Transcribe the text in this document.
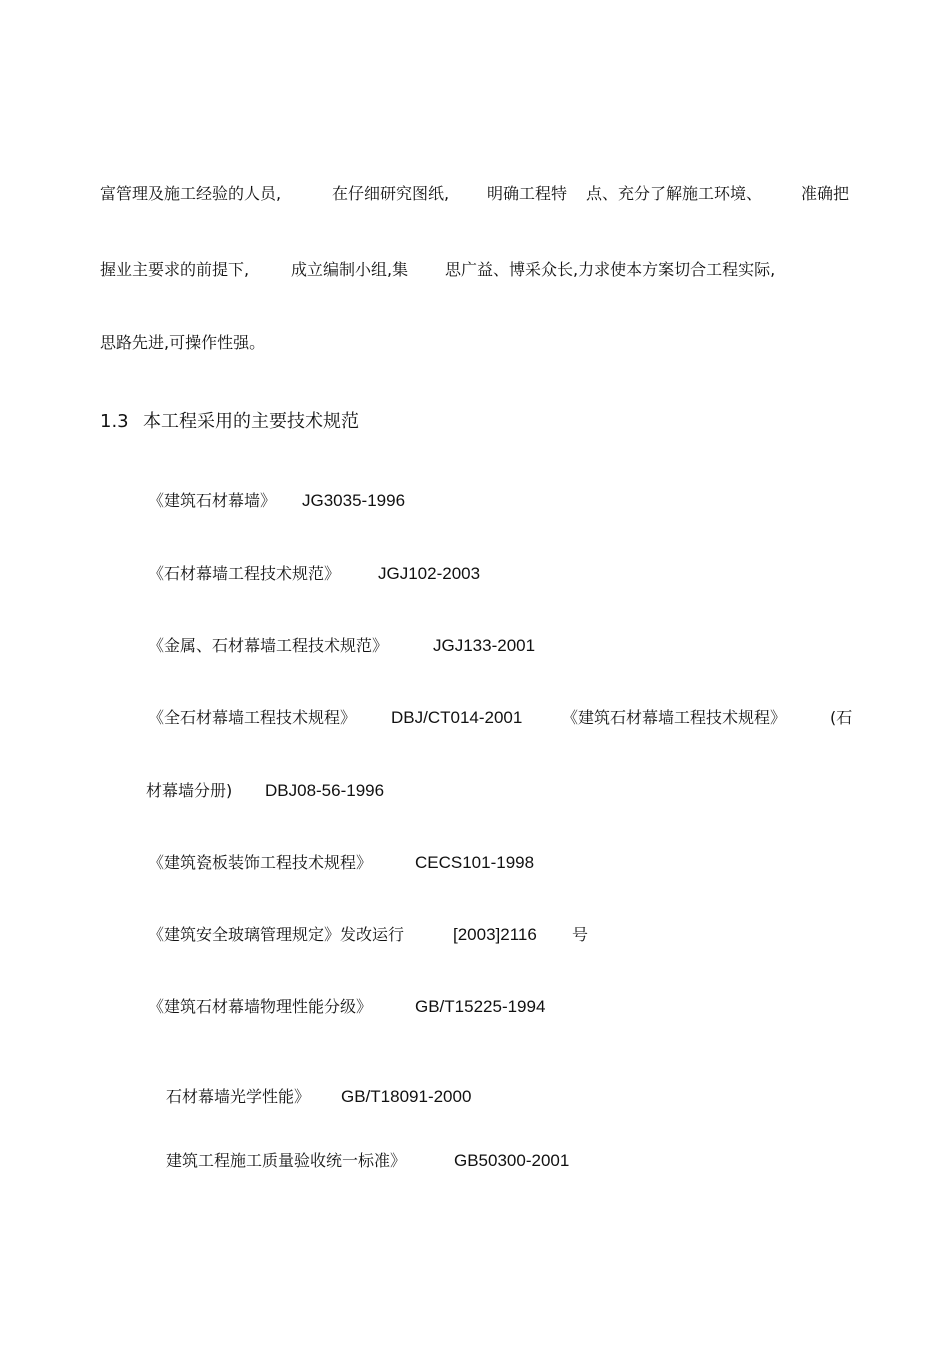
富管理及施工经验的人员,	在仔细研究图纸, 明确工程特 点、充分了解施工环境、 准确把
握业主要求的前提下,	成立编制小组,集 思广益、博采众长,力求使本方案切合工程实际,
思路先进,可操作性强。
1.3 本工程采用的主要技术规范
《建筑石材幕墙》 JG3035-1996
《石材幕墙工程技术规范》 JGJ102-2003
《金属、石材幕墙工程技术规范》	JGJ133-2001
《全石材幕墙工程技术规程》 DBJ/CT014-2001 《建筑石材幕墙工程技术规程》	(石
材幕墙分册) DBJ08-56-1996
《建筑瓷板装饰工程技术规程》	CECS101-1998
《建筑安全玻璃管理规定》发改运行	[2003]2116 号
《建筑石材幕墙物理性能分级》	GB/T15225-1994
石材幕墙光学性能》 GB/T18091-2000
建筑工程施工质量验收统一标准》	GB50300-2001
